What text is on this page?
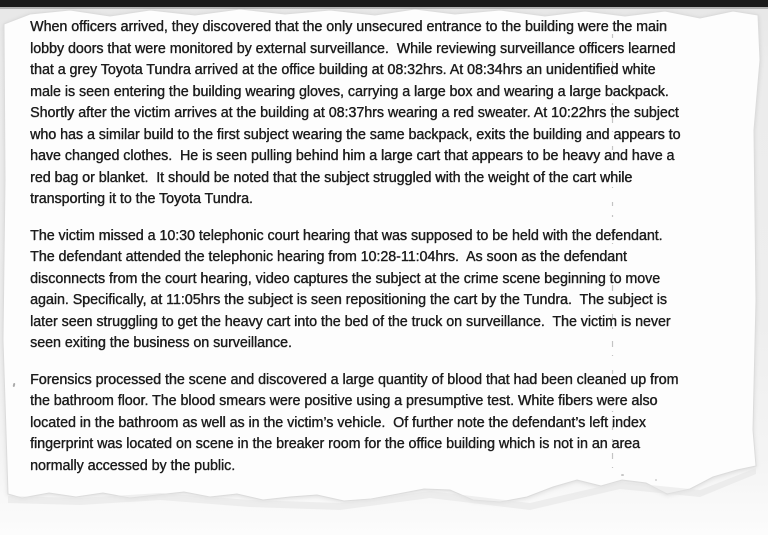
When officers arrived, they discovered that the only unsecured entrance to the building were the main
lobby doors that were monitored by external surveillance.  While reviewing surveillance officers learned
that a grey Toyota Tundra arrived at the office building at 08:32hrs. At 08:34hrs an unidentified white
male is seen entering the building wearing gloves, carrying a large box and wearing a large backpack.
Shortly after the victim arrives at the building at 08:37hrs wearing a red sweater. At 10:22hrs the subject
who has a similar build to the first subject wearing the same backpack, exits the building and appears to
have changed clothes.  He is seen pulling behind him a large cart that appears to be heavy and have a
red bag or blanket.  It should be noted that the subject struggled with the weight of the cart while
transporting it to the Toyota Tundra.
The victim missed a 10:30 telephonic court hearing that was supposed to be held with the defendant.
The defendant attended the telephonic hearing from 10:28-11:04hrs.  As soon as the defendant
disconnects from the court hearing, video captures the subject at the crime scene beginning to move
again. Specifically, at 11:05hrs the subject is seen repositioning the cart by the Tundra.  The subject is
later seen struggling to get the heavy cart into the bed of the truck on surveillance.  The victim is never
seen exiting the business on surveillance.
Forensics processed the scene and discovered a large quantity of blood that had been cleaned up from
the bathroom floor. The blood smears were positive using a presumptive test. White fibers were also
located in the bathroom as well as in the victim’s vehicle.  Of further note the defendant’s left index
fingerprint was located on scene in the breaker room for the office building which is not in an area
normally accessed by the public.
